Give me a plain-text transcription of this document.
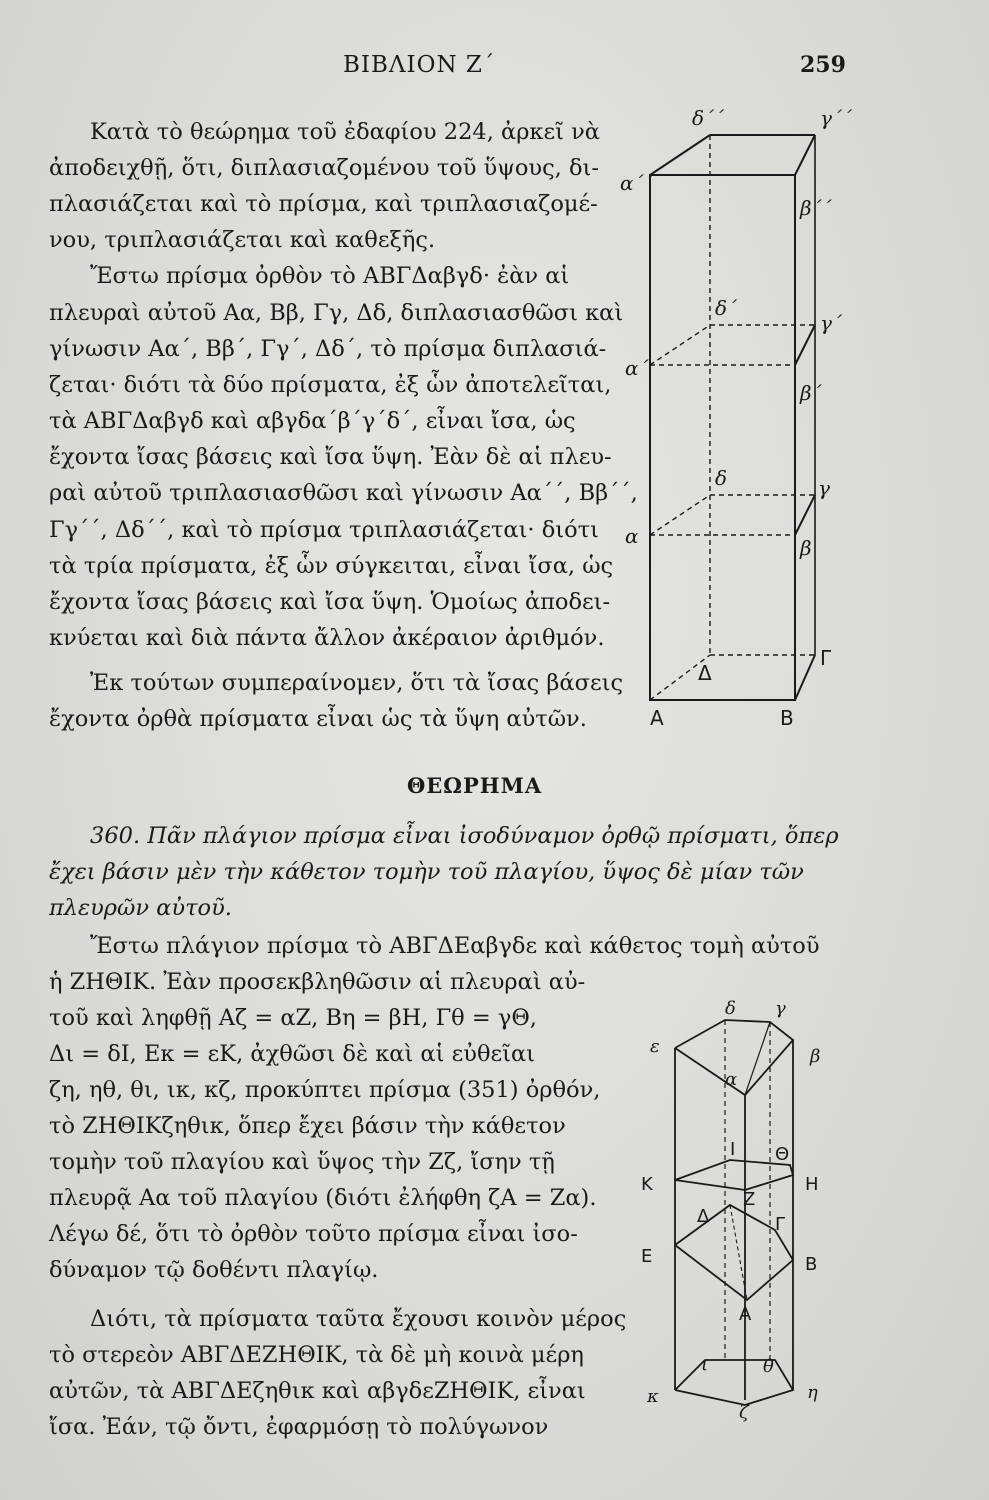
ΒΙΒΛΙΟΝ Ζ΄	259
Κατὰ τὸ θεώρημα τοῦ ἐδαφίου 224, ἀρκεῖ νὰ
ἀποδειχθῇ, ὅτι, διπλασιαζομένου τοῦ ὕψους, δι-
πλασιάζεται καὶ τὸ πρίσμα, καὶ τριπλασιαζομέ-
νου, τριπλασιάζεται καὶ καθεξῆς.
Ἔστω πρίσμα ὀρθὸν τὸ ΑΒΓΔαβγδ· ἐὰν αἱ
πλευραὶ αὐτοῦ Αα, Ββ, Γγ, Δδ, διπλασιασθῶσι καὶ
γίνωσιν Αα΄, Ββ΄, Γγ΄, Δδ΄, τὸ πρίσμα διπλασιά-
ζεται· διότι τὰ δύο πρίσματα, ἐξ ὧν ἀποτελεῖται,
τὰ ΑΒΓΔαβγδ καὶ αβγδα΄β΄γ΄δ΄, εἶναι ἴσα, ὡς
ἔχοντα ἴσας βάσεις καὶ ἴσα ὕψη. Ἐὰν δὲ αἱ πλευ-
ραὶ αὐτοῦ τριπλασιασθῶσι καὶ γίνωσιν Αα΄΄, Ββ΄΄,
Γγ΄΄, Δδ΄΄, καὶ τὸ πρίσμα τριπλασιάζεται· διότι
τὰ τρία πρίσματα, ἐξ ὧν σύγκειται, εἶναι ἴσα, ὡς
ἔχοντα ἴσας βάσεις καὶ ἴσα ὕψη. Ὁμοίως ἀποδει-
κνύεται καὶ διὰ πάντα ἄλλον ἀκέραιον ἀριθμόν.
Ἐκ τούτων συμπεραίνομεν, ὅτι τὰ ἴσας βάσεις
ἔχοντα ὀρθὰ πρίσματα εἶναι ὡς τὰ ὕψη αὐτῶν.
ΘΕΩΡΗΜΑ
360. Πᾶν πλάγιον πρίσμα εἶναι ἰσοδύναμον ὀρθῷ πρίσματι, ὅπερ
ἔχει βάσιν μὲν τὴν κάθετον τομὴν τοῦ πλαγίου, ὕψος δὲ μίαν τῶν
πλευρῶν αὐτοῦ.
Ἔστω πλάγιον πρίσμα τὸ ΑΒΓΔΕαβγδε καὶ κάθετος τομὴ αὐτοῦ
ἡ ΖΗΘΙΚ. Ἐὰν προσεκβληθῶσιν αἱ πλευραὶ αὐ-
τοῦ καὶ ληφθῇ Αζ = αΖ, Βη = βΗ, Γθ = γΘ,
Δι = δΙ, Εκ = εΚ, ἀχθῶσι δὲ καὶ αἱ εὐθεῖαι
ζη, ηθ, θι, ικ, κζ, προκύπτει πρίσμα (351) ὀρθόν,
τὸ ΖΗΘΙΚζηθικ, ὅπερ ἔχει βάσιν τὴν κάθετον
τομὴν τοῦ πλαγίου καὶ ὕψος τὴν Ζζ, ἴσην τῇ
πλευρᾷ Αα τοῦ πλαγίου (διότι ἐλήφθη ζΑ = Ζα).
Λέγω δέ, ὅτι τὸ ὀρθὸν τοῦτο πρίσμα εἶναι ἰσο-
δύναμον τῷ δοθέντι πλαγίῳ.
Διότι, τὰ πρίσματα ταῦτα ἔχουσι κοινὸν μέρος
τὸ στερεὸν ΑΒΓΔΕΖΗΘΙΚ, τὰ δὲ μὴ κοινὰ μέρη
αὐτῶν, τὰ ΑΒΓΔΕζηθικ καὶ αβγδεΖΗΘΙΚ, εἶναι
ἴσα. Ἐάν, τῷ ὄντι, ἐφαρμόσῃ τὸ πολύγωνον
δ΄΄	γ΄΄
α΄΄
β΄΄
δ΄
γ΄
α΄
β΄
δ	γ
α	β
Δ
Γ
Α	Β
δ γ
ε	β
α
Ι Θ
Κ	Η
Ζ
Δ	Γ
Ε	Β
Α
ι	θ
κ	η
ζ
